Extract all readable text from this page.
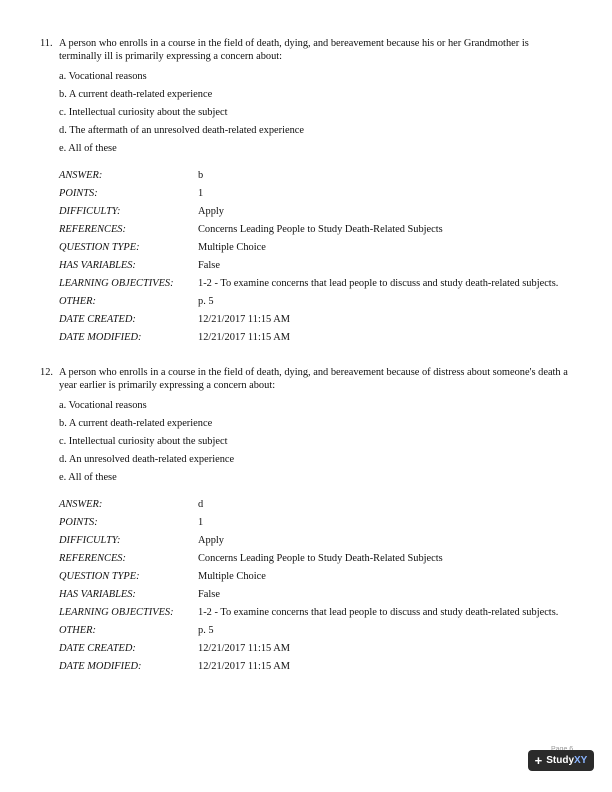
11. A person who enrolls in a course in the field of death, dying, and bereavement because his or her Grandmother is terminally ill is primarily expressing a concern about:
a. Vocational reasons
b. A current death-related experience
c. Intellectual curiosity about the subject
d. The aftermath of an unresolved death-related experience
e. All of these
ANSWER:	b
POINTS:	1
DIFFICULTY:	Apply
REFERENCES:	Concerns Leading People to Study Death-Related Subjects
QUESTION TYPE:	Multiple Choice
HAS VARIABLES:	False
LEARNING OBJECTIVES:	1-2 - To examine concerns that lead people to discuss and study death-related subjects.
OTHER:	p. 5
DATE CREATED:	12/21/2017 11:15 AM
DATE MODIFIED:	12/21/2017 11:15 AM
12. A person who enrolls in a course in the field of death, dying, and bereavement because of distress about someone's death a year earlier is primarily expressing a concern about:
a. Vocational reasons
b. A current death-related experience
c. Intellectual curiosity about the subject
d. An unresolved death-related experience
e. All of these
ANSWER:	d
POINTS:	1
DIFFICULTY:	Apply
REFERENCES:	Concerns Leading People to Study Death-Related Subjects
QUESTION TYPE:	Multiple Choice
HAS VARIABLES:	False
LEARNING OBJECTIVES:	1-2 - To examine concerns that lead people to discuss and study death-related subjects.
OTHER:	p. 5
DATE CREATED:	12/21/2017 11:15 AM
DATE MODIFIED:	12/21/2017 11:15 AM
+ StudyXY
